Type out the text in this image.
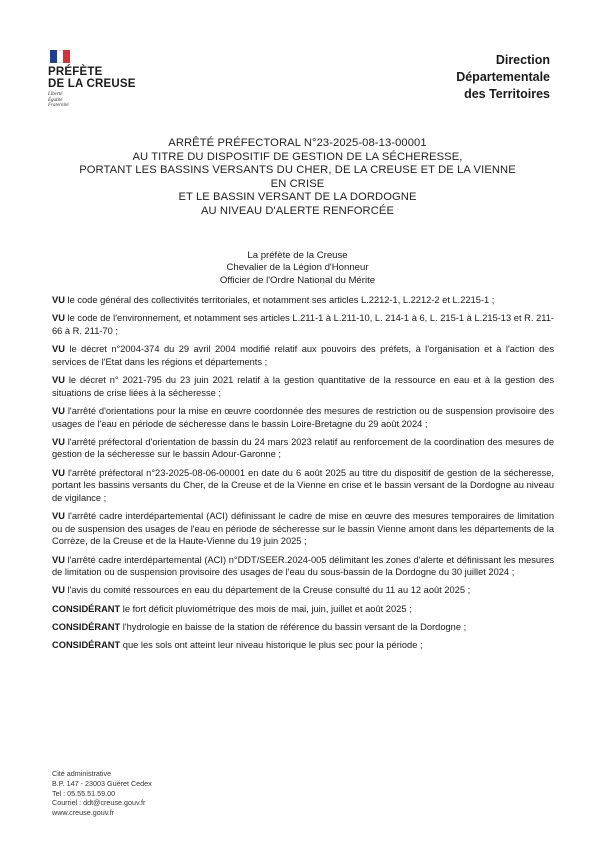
PRÉFÈTE
DE LA CREUSE
Liberté
Égalité
Fraternité
Direction
Départementale
des Territoires
ARRÊTÉ PRÉFECTORAL N°23-2025-08-13-00001
AU TITRE DU DISPOSITIF DE GESTION DE LA SÉCHERESSE,
PORTANT LES BASSINS VERSANTS DU CHER, DE LA CREUSE ET DE LA VIENNE
EN CRISE
ET LE BASSIN VERSANT DE LA DORDOGNE
AU NIVEAU D'ALERTE RENFORCÉE
La préfète de la Creuse
Chevalier de la Légion d'Honneur
Officier de l'Ordre National du Mérite

VU le code général des collectivités territoriales, et notamment ses articles L.2212-1, L.2212-2 et L.2215-1 ;

VU le code de l'environnement, et notamment ses articles L.211-1 à L.211-10, L. 214-1 à 6, L. 215-1 à L.215-13 et R. 211-66 à R. 211-70 ;

VU le décret n°2004-374 du 29 avril 2004 modifié relatif aux pouvoirs des préfets, à l'organisation et à l'action des services de l'Etat dans les régions et départements ;

VU le décret n° 2021-795 du 23 juin 2021 relatif à la gestion quantitative de la ressource en eau et à la gestion des situations de crise liées à la sécheresse ;

VU l'arrêté d'orientations pour la mise en œuvre coordonnée des mesures de restriction ou de suspension provisoire des usages de l'eau en période de sécheresse dans le bassin Loire-Bretagne du 29 août 2024 ;

VU l'arrêté préfectoral d'orientation de bassin du 24 mars 2023 relatif au renforcement de la coordination des mesures de gestion de la sécheresse sur le bassin Adour-Garonne ;

VU l'arrêté préfectoral n°23-2025-08-06-00001 en date du 6 août 2025 au titre du dispositif de gestion de la sécheresse, portant les bassins versants du Cher, de la Creuse et de la Vienne en crise et le bassin versant de la Dordogne au niveau de vigilance ;

VU l'arrêté cadre interdépartemental (ACI) définissant le cadre de mise en œuvre des mesures temporaires de limitation ou de suspension des usages de l'eau en période de sécheresse sur le bassin Vienne amont dans les départements de la Corrèze, de la Creuse et de la Haute-Vienne du 19 juin 2025 ;

VU l'arrêté cadre interdépartemental (ACI) n°DDT/SEER.2024-005 délimitant les zones d'alerte et définissant les mesures de limitation ou de suspension provisoire des usages de l'eau du sous-bassin de la Dordogne du 30 juillet 2024 ;

VU l'avis du comité ressources en eau du département de la Creuse consulté du 11 au 12 août 2025 ;

CONSIDÉRANT le fort déficit pluviométrique des mois de mai, juin, juillet et août 2025 ;

CONSIDÉRANT l'hydrologie en baisse de la station de référence du bassin versant de la Dordogne ;

CONSIDÉRANT que les sols ont atteint leur niveau historique le plus sec pour la période ;

Cité administrative
B.P. 147 - 23003 Guéret Cedex
Tel : 05.55.51.59.00
Courriel : ddt@creuse.gouv.fr
www.creuse.gouv.fr
